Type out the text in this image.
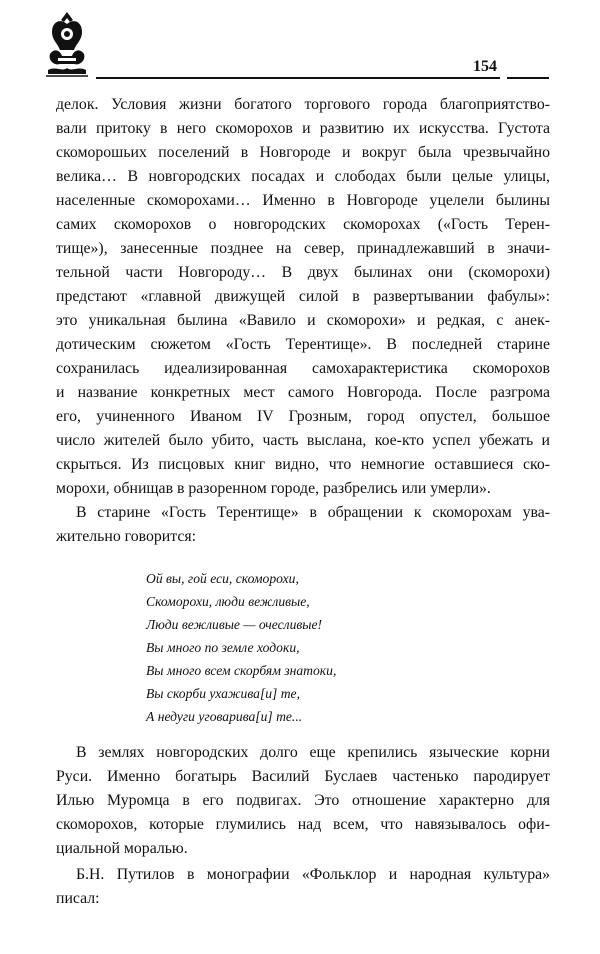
154
делок. Условия жизни богатого торгового города благоприятство-
вали притоку в него скоморохов и развитию их искусства. Густота
скоморошьих поселений в Новгороде и вокруг была чрезвычайно
велика… В новгородских посадах и слободах были целые улицы,
населенные скоморохами… Именно в Новгороде уцелели былины
самих скоморохов о новгородских скоморохах («Гость Терен-
тище»), занесенные позднее на север, принадлежавший в значи-
тельной части Новгороду… В двух былинах они (скоморохи)
предстают «главной движущей силой в развертывании фабулы»:
это уникальная былина «Вавило и скоморохи» и редкая, с анек-
дотическим сюжетом «Гость Терентище». В последней старине
сохранилась идеализированная самохарактеристика скоморохов
и название конкретных мест самого Новгорода. После разгрома
его, учиненного Иваном IV Грозным, город опустел, большое
число жителей было убито, часть выслана, кое-кто успел убежать и
скрыться. Из писцовых книг видно, что немногие оставшиеся ско-
морохи, обнищав в разоренном городе, разбрелись или умерли».
В старине «Гость Терентище» в обращении к скоморохам ува-
жительно говорится:
Ой вы, гой еси, скоморохи,
Скоморохи, люди вежливые,
Люди вежливые — очесливые!
Вы много по земле ходоки,
Вы много всем скорбям знатоки,
Вы скорби ухажива[и] те,
А недуги уговарива[и] те...
В землях новгородских долго еще крепились языческие корни
Руси. Именно богатырь Василий Буслаев частенько пародирует
Илью Муромца в его подвигах. Это отношение характерно для
скоморохов, которые глумились над всем, что навязывалось офи-
циальной моралью.
Б.Н. Путилов в монографии «Фольклор и народная культура»
писал:
